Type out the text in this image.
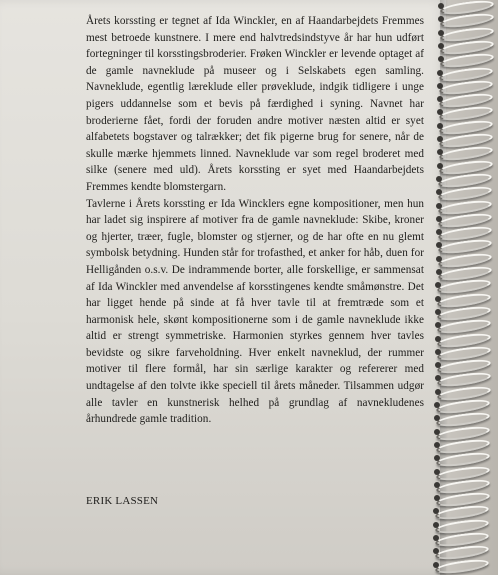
Årets korssting er tegnet af Ida Winckler, en af Haandarbejdets Fremmes mest betroede kunstnere. I mere end halvtredsindstyve år har hun udført fortegninger til korsstingsbroderier. Frøken Winckler er levende optaget af de gamle navneklude på museer og i Selskabets egen samling. Navneklude, egentlig læreklude eller prøveklude, indgik tidligere i unge pigers uddannelse som et bevis på færdighed i syning. Navnet har broderierne fået, fordi der foruden andre motiver næsten altid er syet alfabetets bogstaver og talrækker; det fik pigerne brug for senere, når de skulle mærke hjemmets linned. Navneklude var som regel broderet med silke (senere med uld). Årets korssting er syet med Haandarbejdets Fremmes kendte blomstergarn.

Tavlerne i Årets korssting er Ida Wincklers egne kompositioner, men hun har ladet sig inspirere af motiver fra de gamle navneklude: Skibe, kroner og hjerter, træer, fugle, blomster og stjerner, og de har ofte en nu glemt symbolsk betydning. Hunden står for trofasthed, et anker for håb, duen for Helligånden o.s.v. De indrammende borter, alle forskellige, er sammensat af Ida Winckler med anvendelse af korsstingenes kendte småmønstre. Det har ligget hende på sinde at få hver tavle til at fremtræde som et harmonisk hele, skønt kompositionerne som i de gamle navneklude ikke altid er strengt symmetriske. Harmonien styrkes gennem hver tavles bevidste og sikre farveholdning. Hver enkelt navneklud, der rummer motiver til flere formål, har sin særlige karakter og refererer med undtagelse af den tolvte ikke speciell til årets måneder. Tilsammen udgør alle tavler en kunstnerisk helhed på grundlag af navnekludenes århundrede gamle tradition.

ERIK LASSEN
